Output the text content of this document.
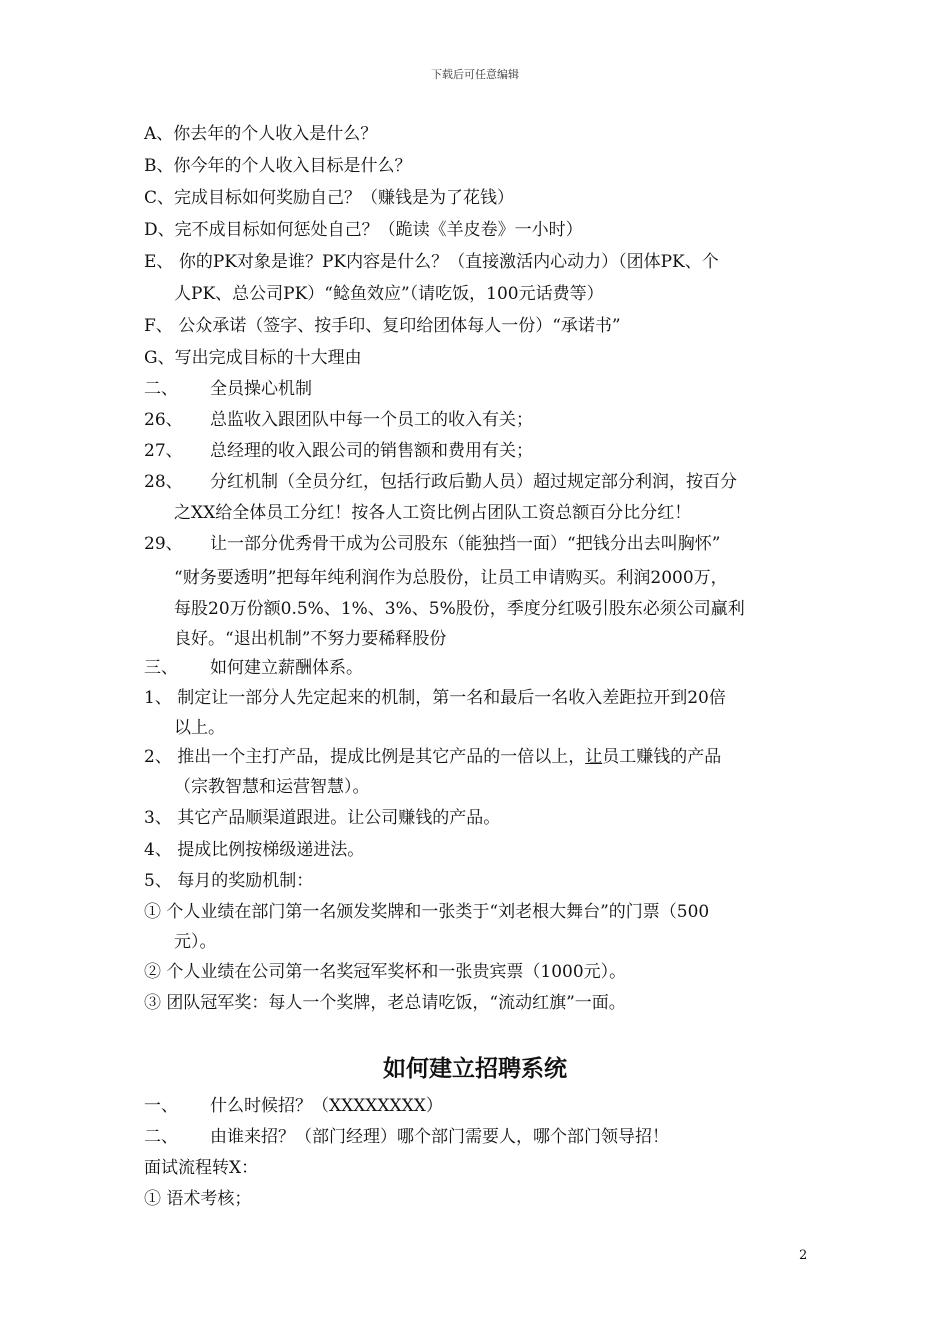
下载后可任意编辑
A、你去年的个人收入是什么？
B、你今年的个人收入目标是什么？
C、完成目标如何奖励自己？（赚钱是为了花钱）
D、完不成目标如何惩处自己？（跪读《羊皮卷》一小时）
E、 你的PK对象是谁？PK内容是什么？（直接激活内心动力）（团体PK、个
人PK、总公司PK）“鲶鱼效应”（请吃饭，100元话费等）
F、 公众承诺（签字、按手印、复印给团体每人一份）“承诺书”
G、写出完成目标的十大理由
二、 全员操心机制
26、 总监收入跟团队中每一个员工的收入有关；
27、 总经理的收入跟公司的销售额和费用有关；
28、 分红机制（全员分红，包括行政后勤人员）超过规定部分利润，按百分
之XX给全体员工分红！按各人工资比例占团队工资总额百分比分红！
29、 让一部分优秀骨干成为公司股东（能独挡一面）“把钱分出去叫胸怀”
“财务要透明”把每年纯利润作为总股份，让员工申请购买。利润2000万，
每股20万份额0.5%、1%、3%、5%股份，季度分红吸引股东必须公司赢利
良好。“退出机制”不努力要稀释股份
三、 如何建立薪酬体系。
1、 制定让一部分人先定起来的机制，第一名和最后一名收入差距拉开到20倍
以上。
2、 推出一个主打产品，提成比例是其它产品的一倍以上，让员工赚钱的产品
（宗教智慧和运营智慧）。
3、 其它产品顺渠道跟进。让公司赚钱的产品。
4、 提成比例按梯级递进法。
5、 每月的奖励机制：
① 个人业绩在部门第一名颁发奖牌和一张类于“刘老根大舞台”的门票（500
元）。
② 个人业绩在公司第一名奖冠军奖杯和一张贵宾票（1000元）。
③ 团队冠军奖：每人一个奖牌，老总请吃饭，“流动红旗”一面。
如何建立招聘系统
一、 什么时候招？（XXXXXXXX）
二、 由谁来招？（部门经理）哪个部门需要人，哪个部门领导招！
面试流程转X：
① 语术考核；
2
